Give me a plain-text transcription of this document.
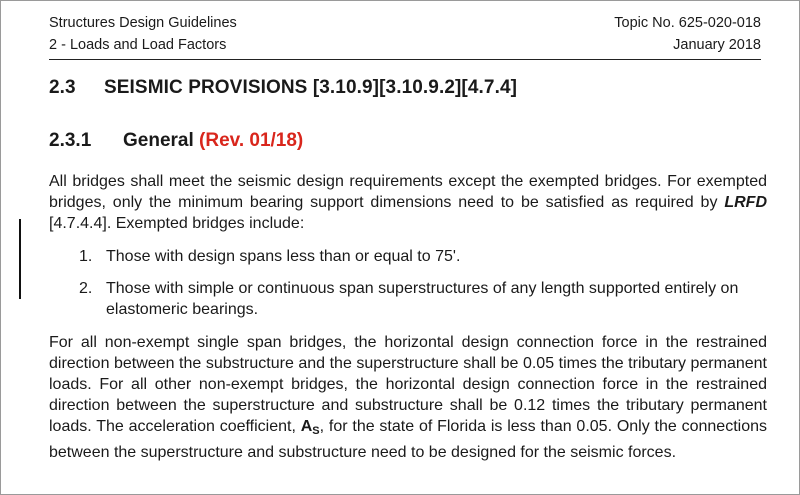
Structures Design Guidelines	Topic No. 625-020-018
2 - Loads and Load Factors	January 2018
2.3 SEISMIC PROVISIONS [3.10.9][3.10.9.2][4.7.4]
2.3.1 General (Rev. 01/18)
All bridges shall meet the seismic design requirements except the exempted bridges. For exempted bridges, only the minimum bearing support dimensions need to be satisfied as required by LRFD [4.7.4.4]. Exempted bridges include:
1. Those with design spans less than or equal to 75'.
2. Those with simple or continuous span superstructures of any length supported entirely on elastomeric bearings.
For all non-exempt single span bridges, the horizontal design connection force in the restrained direction between the substructure and the superstructure shall be 0.05 times the tributary permanent loads. For all other non-exempt bridges, the horizontal design connection force in the restrained direction between the superstructure and substructure shall be 0.12 times the tributary permanent loads. The acceleration coefficient, $A_S$, for the state of Florida is less than 0.05. Only the connections between the superstructure and substructure need to be designed for the seismic forces.
